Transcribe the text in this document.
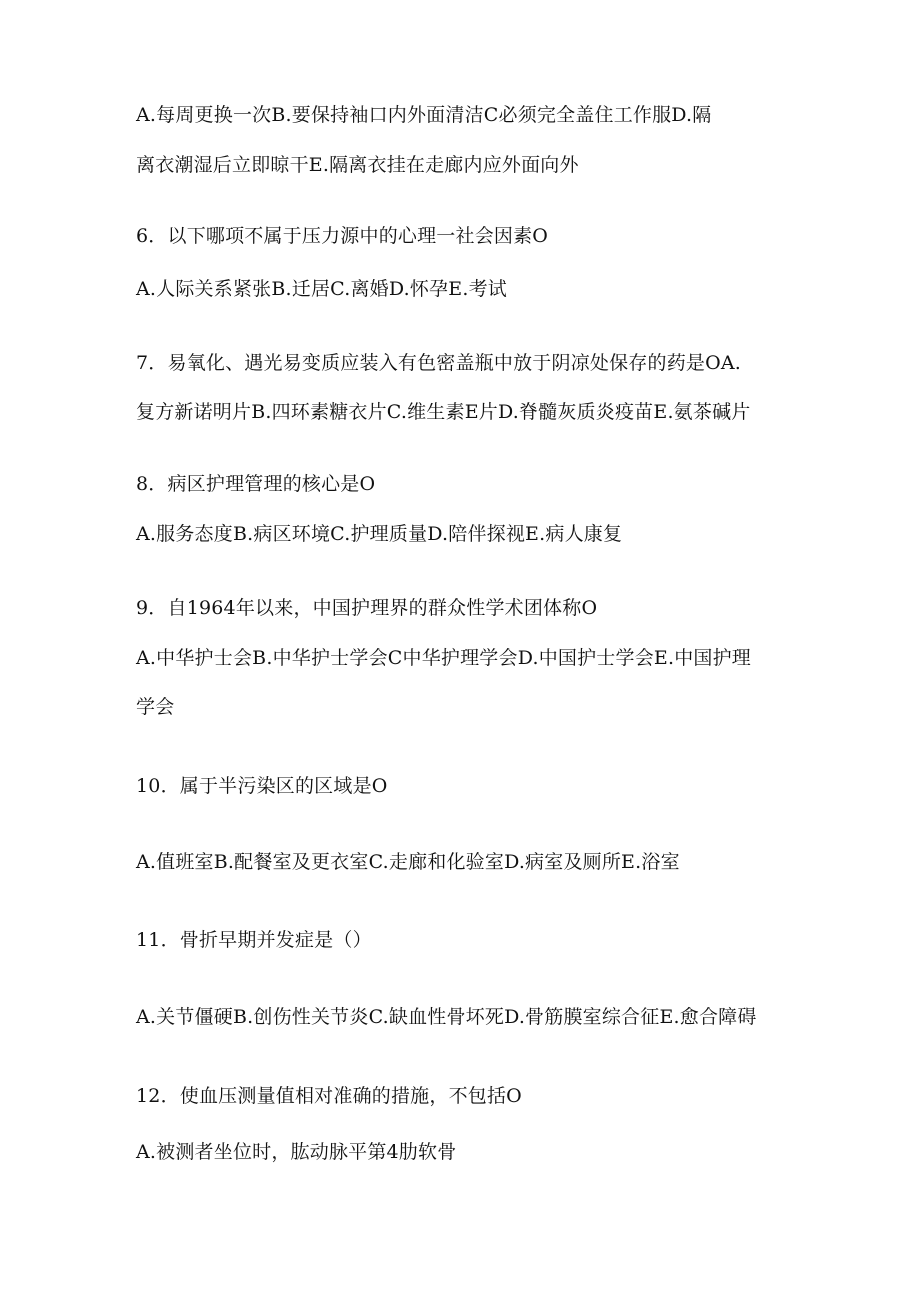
A.每周更换一次B.要保持袖口内外面清洁C必须完全盖住工作服D.隔
离衣潮湿后立即晾干E.隔离衣挂在走廊内应外面向外
6．以下哪项不属于压力源中的心理一社会因素O
A.人际关系紧张B.迁居C.离婚D.怀孕E.考试
7．易氧化、遇光易变质应装入有色密盖瓶中放于阴凉处保存的药是OA.
复方新诺明片B.四环素糖衣片C.维生素E片D.脊髓灰质炎疫苗E.氨茶碱片
8．病区护理管理的核心是O
A.服务态度B.病区环境C.护理质量D.陪伴探视E.病人康复
9．自1964年以来，中国护理界的群众性学术团体称O
A.中华护士会B.中华护士学会C中华护理学会D.中国护士学会E.中国护理
学会
10．属于半污染区的区域是O
A.值班室B.配餐室及更衣室C.走廊和化验室D.病室及厕所E.浴室
11．骨折早期并发症是（）
A.关节僵硬B.创伤性关节炎C.缺血性骨坏死D.骨筋膜室综合征E.愈合障碍
12．使血压测量值相对准确的措施，不包括O
A.被测者坐位时，肱动脉平第4肋软骨
